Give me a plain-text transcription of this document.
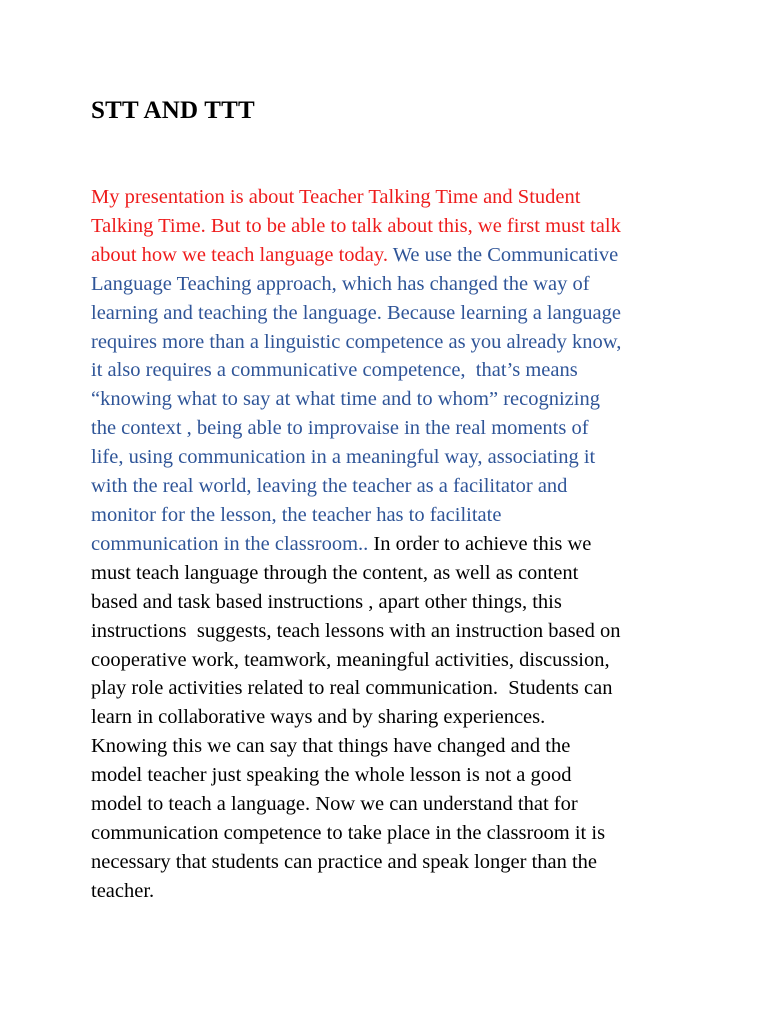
STT AND TTT
My presentation is about Teacher Talking Time and Student
Talking Time. But to be able to talk about this, we first must talk
about how we teach language today. We use the Communicative
Language Teaching approach, which has changed the way of
learning and teaching the language. Because learning a language
requires more than a linguistic competence as you already know,
it also requires a communicative competence,  that’s means
“knowing what to say at what time and to whom” recognizing
the context , being able to improvaise in the real moments of
life, using communication in a meaningful way, associating it
with the real world, leaving the teacher as a facilitator and
monitor for the lesson, the teacher has to facilitate
communication in the classroom.. In order to achieve this we
must teach language through the content, as well as content
based and task based instructions , apart other things, this
instructions  suggests, teach lessons with an instruction based on
cooperative work, teamwork, meaningful activities, discussion,
play role activities related to real communication.  Students can
learn in collaborative ways and by sharing experiences.
Knowing this we can say that things have changed and the
model teacher just speaking the whole lesson is not a good
model to teach a language. Now we can understand that for
communication competence to take place in the classroom it is
necessary that students can practice and speak longer than the
teacher.
